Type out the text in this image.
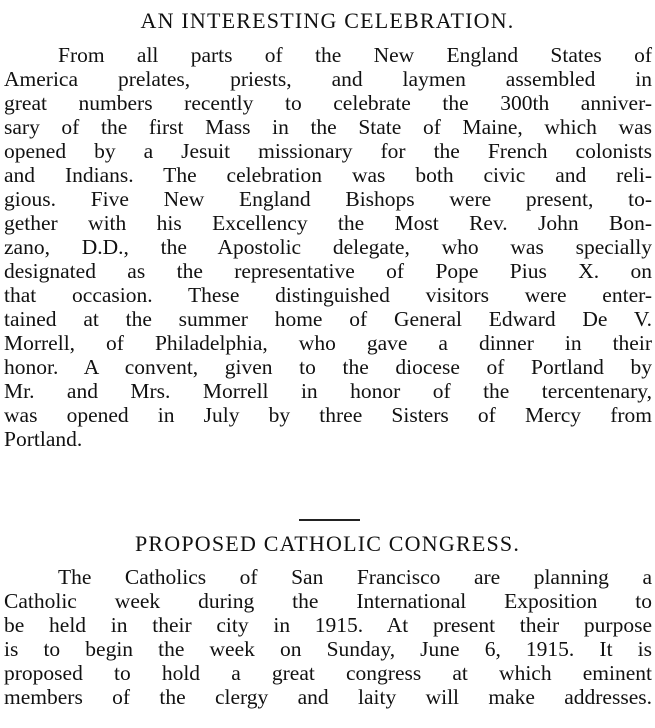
AN INTERESTING CELEBRATION.
From all parts of the New England States of
America prelates, priests, and laymen assembled in
great numbers recently to celebrate the 300th anniver-
sary of the first Mass in the State of Maine, which was
opened by a Jesuit missionary for the French colonists
and Indians. The celebration was both civic and reli-
gious. Five New England Bishops were present, to-
gether with his Excellency the Most Rev. John Bon-
zano, D.D., the Apostolic delegate, who was specially
designated as the representative of Pope Pius X. on
that occasion. These distinguished visitors were enter-
tained at the summer home of General Edward De V.
Morrell, of Philadelphia, who gave a dinner in their
honor. A convent, given to the diocese of Portland by
Mr. and Mrs. Morrell in honor of the tercentenary,
was opened in July by three Sisters of Mercy from
Portland.
PROPOSED CATHOLIC CONGRESS.
The Catholics of San Francisco are planning a
Catholic week during the International Exposition to
be held in their city in 1915. At present their purpose
is to begin the week on Sunday, June 6, 1915. It is
proposed to hold a great congress at which eminent
members of the clergy and laity will make addresses.
